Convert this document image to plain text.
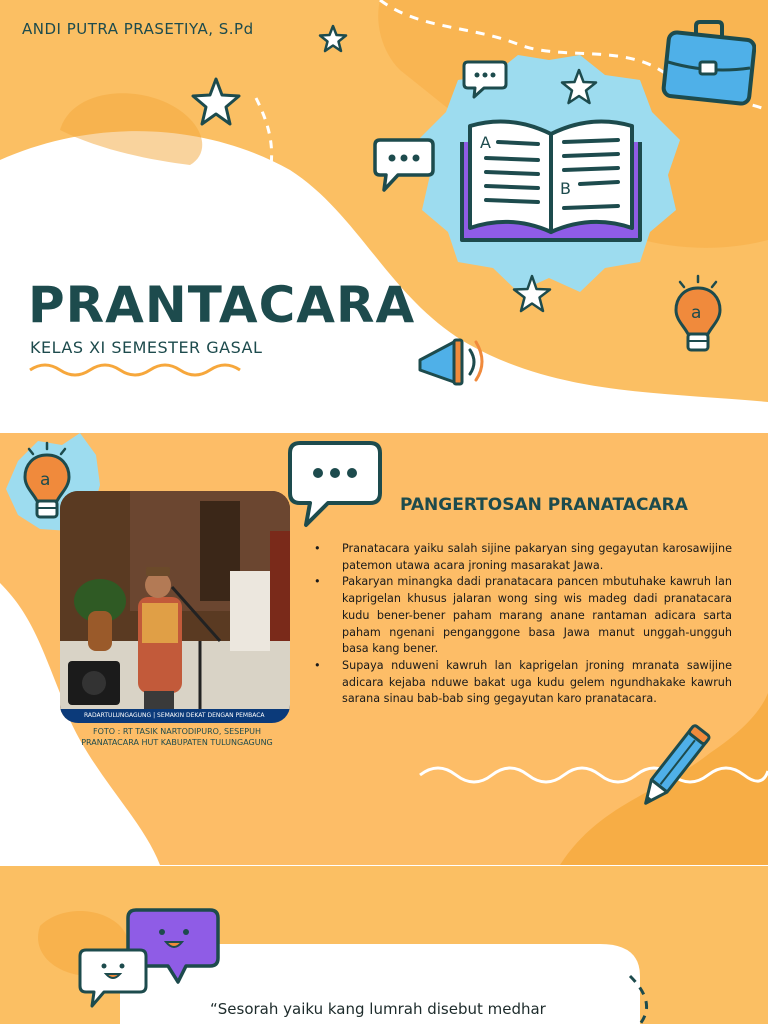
A
B
a
ANDI PUTRA PRASETIYA, S.Pd
PRANTACARA
KELAS XI SEMESTER GASAL
a
RADARTULUNGAGUNG | SEMAKIN DEKAT DENGAN PEMBACA
FOTO : RT TASIK NARTODIPURO, SESEPUH
PRANATACARA HUT KABUPATEN TULUNGAGUNG
PANGERTOSAN PRANATACARA
• Pranatacara yaiku salah sijine pakaryan sing gegayutan karosawijine patemon utawa acara jroning masarakat Jawa.
• Pakaryan minangka dadi pranatacara pancen mbutuhake kawruh lan kaprigelan khusus jalaran wong sing wis madeg dadi pranatacara kudu bener-bener paham marang anane rantaman adicara sarta paham ngenani penganggone basa Jawa manut unggah-ungguh basa kang bener.
• Supaya nduweni kawruh lan kaprigelan jroning mranata sawijine adicara kejaba nduwe bakat uga kudu gelem ngundhakake kawruh sarana sinau bab-bab sing gegayutan karo pranatacara.
“Sesorah yaiku kang lumrah disebut medhar
